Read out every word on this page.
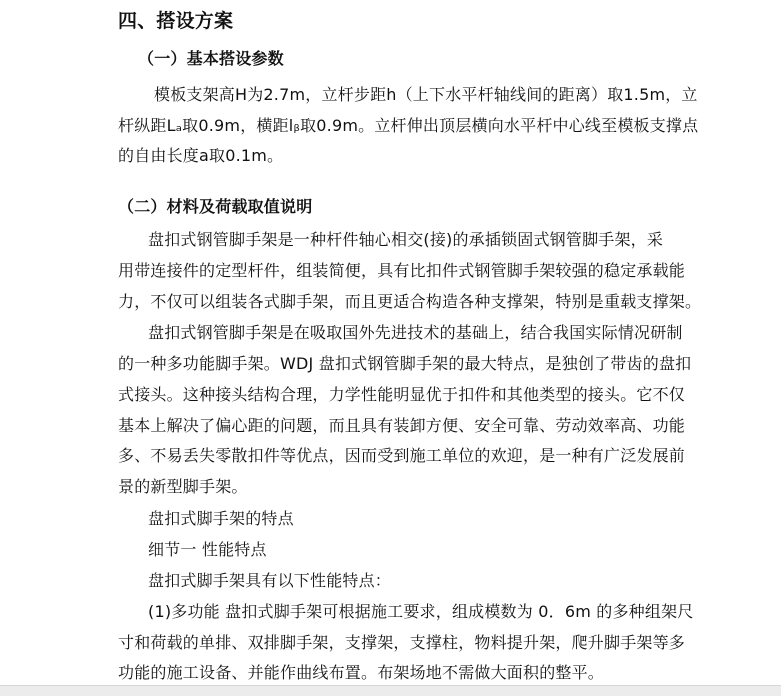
四、搭设方案
（一）基本搭设参数
模板支架高H为2.7m，立杆步距h（上下水平杆轴线间的距离）取1.5m，立
杆纵距Lₐ取0.9m，横距lᵦ取0.9m。立杆伸出顶层横向水平杆中心线至模板支撑点
的自由长度a取0.1m。
（二）材料及荷载取值说明
盘扣式钢管脚手架是一种杆件轴心相交(接)的承插锁固式钢管脚手架，采
用带连接件的定型杆件，组装简便，具有比扣件式钢管脚手架较强的稳定承载能
力，不仅可以组装各式脚手架，而且更适合构造各种支撑架，特别是重载支撑架。
盘扣式钢管脚手架是在吸取国外先进技术的基础上，结合我国实际情况研制
的一种多功能脚手架。WDJ 盘扣式钢管脚手架的最大特点，是独创了带齿的盘扣
式接头。这种接头结构合理，力学性能明显优于扣件和其他类型的接头。它不仅
基本上解决了偏心距的问题，而且具有装卸方便、安全可靠、劳动效率高、功能
多、不易丢失零散扣件等优点，因而受到施工单位的欢迎，是一种有广泛发展前
景的新型脚手架。
盘扣式脚手架的特点
细节一 性能特点
盘扣式脚手架具有以下性能特点：
(1)多功能 盘扣式脚手架可根据施工要求，组成模数为 0．6m 的多种组架尺
寸和荷载的单排、双排脚手架，支撑架，支撑柱，物料提升架，爬升脚手架等多
功能的施工设备、并能作曲线布置。布架场地不需做大面积的整平。
